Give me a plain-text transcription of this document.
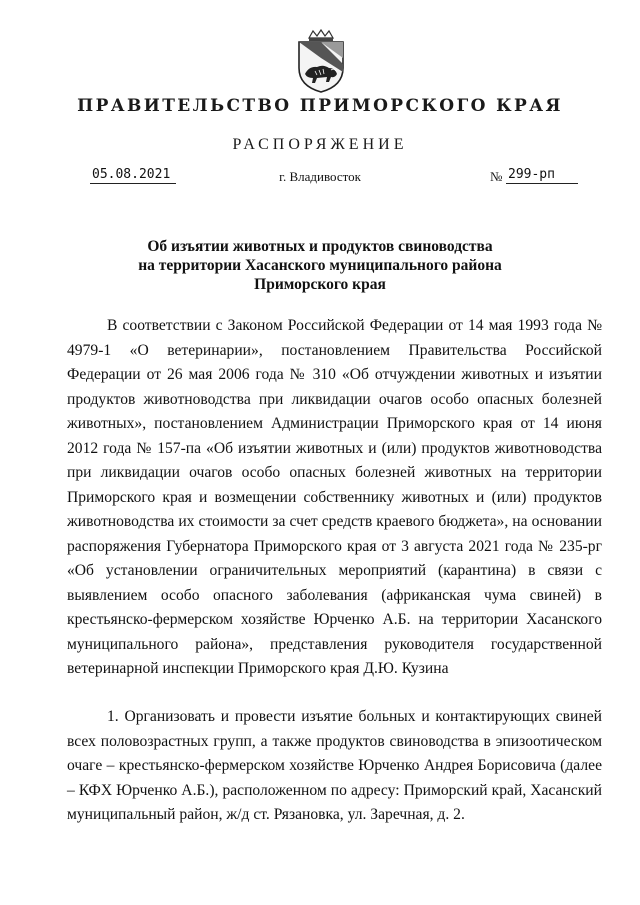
ПРАВИТЕЛЬСТВО ПРИМОРСКОГО КРАЯ
РАСПОРЯЖЕНИЕ
05.08.2021	г. Владивосток	№ 299-рп
Об изъятии животных и продуктов свиноводства
на территории Хасанского муниципального района
Приморского края
В соответствии с Законом Российской Федерации от 14 мая 1993 года № 4979-1 «О ветеринарии», постановлением Правительства Российской Федерации от 26 мая 2006 года № 310 «Об отчуждении животных и изъятии продуктов животноводства при ликвидации очагов особо опасных болезней животных», постановлением Администрации Приморского края от 14 июня 2012 года № 157-па «Об изъятии животных и (или) продуктов животноводства при ликвидации очагов особо опасных болезней животных на территории Приморского края и возмещении собственнику животных и (или) продуктов животноводства их стоимости за счет средств краевого бюджета», на основании распоряжения Губернатора Приморского края от 3 августа 2021 года № 235-рг «Об установлении ограничительных мероприятий (карантина) в связи с выявлением особо опасного заболевания (африканская чума свиней) в крестьянско-фермерском хозяйстве Юрченко А.Б. на территории Хасанского муниципального района», представления руководителя государственной ветеринарной инспекции Приморского края Д.Ю. Кузина
1. Организовать и провести изъятие больных и контактирующих свиней всех половозрастных групп, а также продуктов свиноводства в эпизоотическом очаге – крестьянско-фермерском хозяйстве Юрченко Андрея Борисовича (далее – КФХ Юрченко А.Б.), расположенном по адресу: Приморский край, Хасанский муниципальный район, ж/д ст. Рязановка, ул. Заречная, д. 2.
